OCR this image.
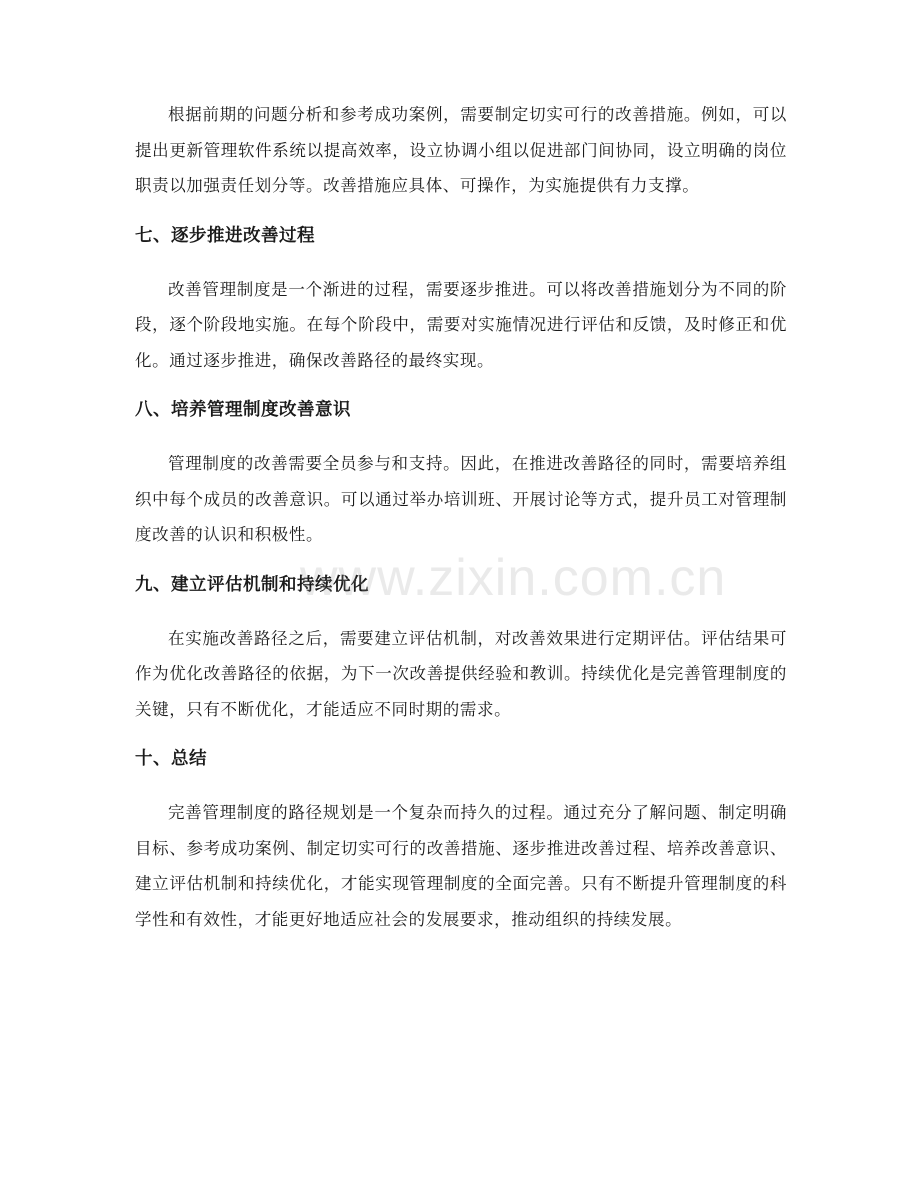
根据前期的问题分析和参考成功案例，需要制定切实可行的改善措施。例如，可以提出更新管理软件系统以提高效率，设立协调小组以促进部门间协同，设立明确的岗位职责以加强责任划分等。改善措施应具体、可操作，为实施提供有力支撑。

七、逐步推进改善过程

改善管理制度是一个渐进的过程，需要逐步推进。可以将改善措施划分为不同的阶段，逐个阶段地实施。在每个阶段中，需要对实施情况进行评估和反馈，及时修正和优化。通过逐步推进，确保改善路径的最终实现。

八、培养管理制度改善意识

管理制度的改善需要全员参与和支持。因此，在推进改善路径的同时，需要培养组织中每个成员的改善意识。可以通过举办培训班、开展讨论等方式，提升员工对管理制度改善的认识和积极性。

九、建立评估机制和持续优化

在实施改善路径之后，需要建立评估机制，对改善效果进行定期评估。评估结果可作为优化改善路径的依据，为下一次改善提供经验和教训。持续优化是完善管理制度的关键，只有不断优化，才能适应不同时期的需求。

十、总结

完善管理制度的路径规划是一个复杂而持久的过程。通过充分了解问题、制定明确目标、参考成功案例、制定切实可行的改善措施、逐步推进改善过程、培养改善意识、建立评估机制和持续优化，才能实现管理制度的全面完善。只有不断提升管理制度的科学性和有效性，才能更好地适应社会的发展要求，推动组织的持续发展。

www.zixin.com.cn
